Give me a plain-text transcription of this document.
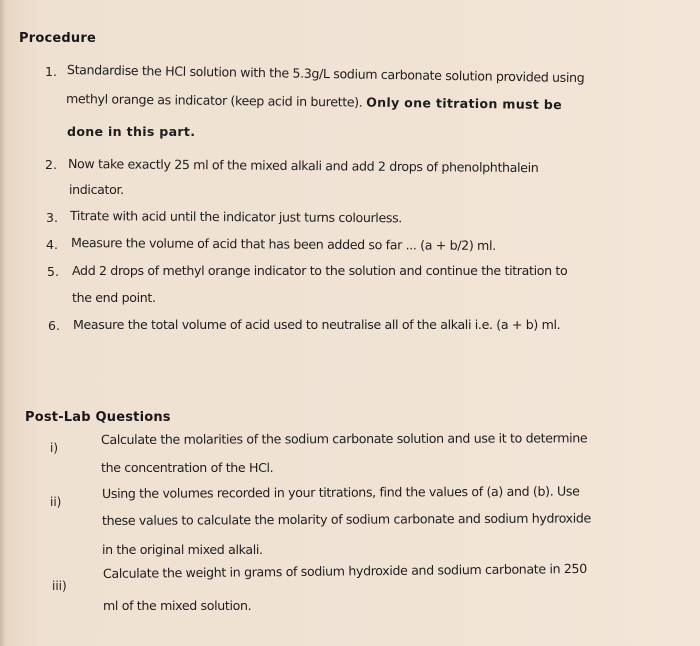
Procedure
1. Standardise the HCl solution with the 5.3g/L sodium carbonate solution provided using
methyl orange as indicator (keep acid in burette). Only one titration must be
done in this part.
2. Now take exactly 25 ml of the mixed alkali and add 2 drops of phenolphthalein
indicator.
3. Titrate with acid until the indicator just turns colourless.
4. Measure the volume of acid that has been added so far ... (a + b/2) ml.
5. Add 2 drops of methyl orange indicator to the solution and continue the titration to
the end point.
6. Measure the total volume of acid used to neutralise all of the alkali i.e. (a + b) ml.
Post-Lab Questions
i)
Calculate the molarities of the sodium carbonate solution and use it to determine
the concentration of the HCl.
ii)
Using the volumes recorded in your titrations, find the values of (a) and (b). Use
these values to calculate the molarity of sodium carbonate and sodium hydroxide
in the original mixed alkali.
iii)
Calculate the weight in grams of sodium hydroxide and sodium carbonate in 250
ml of the mixed solution.
